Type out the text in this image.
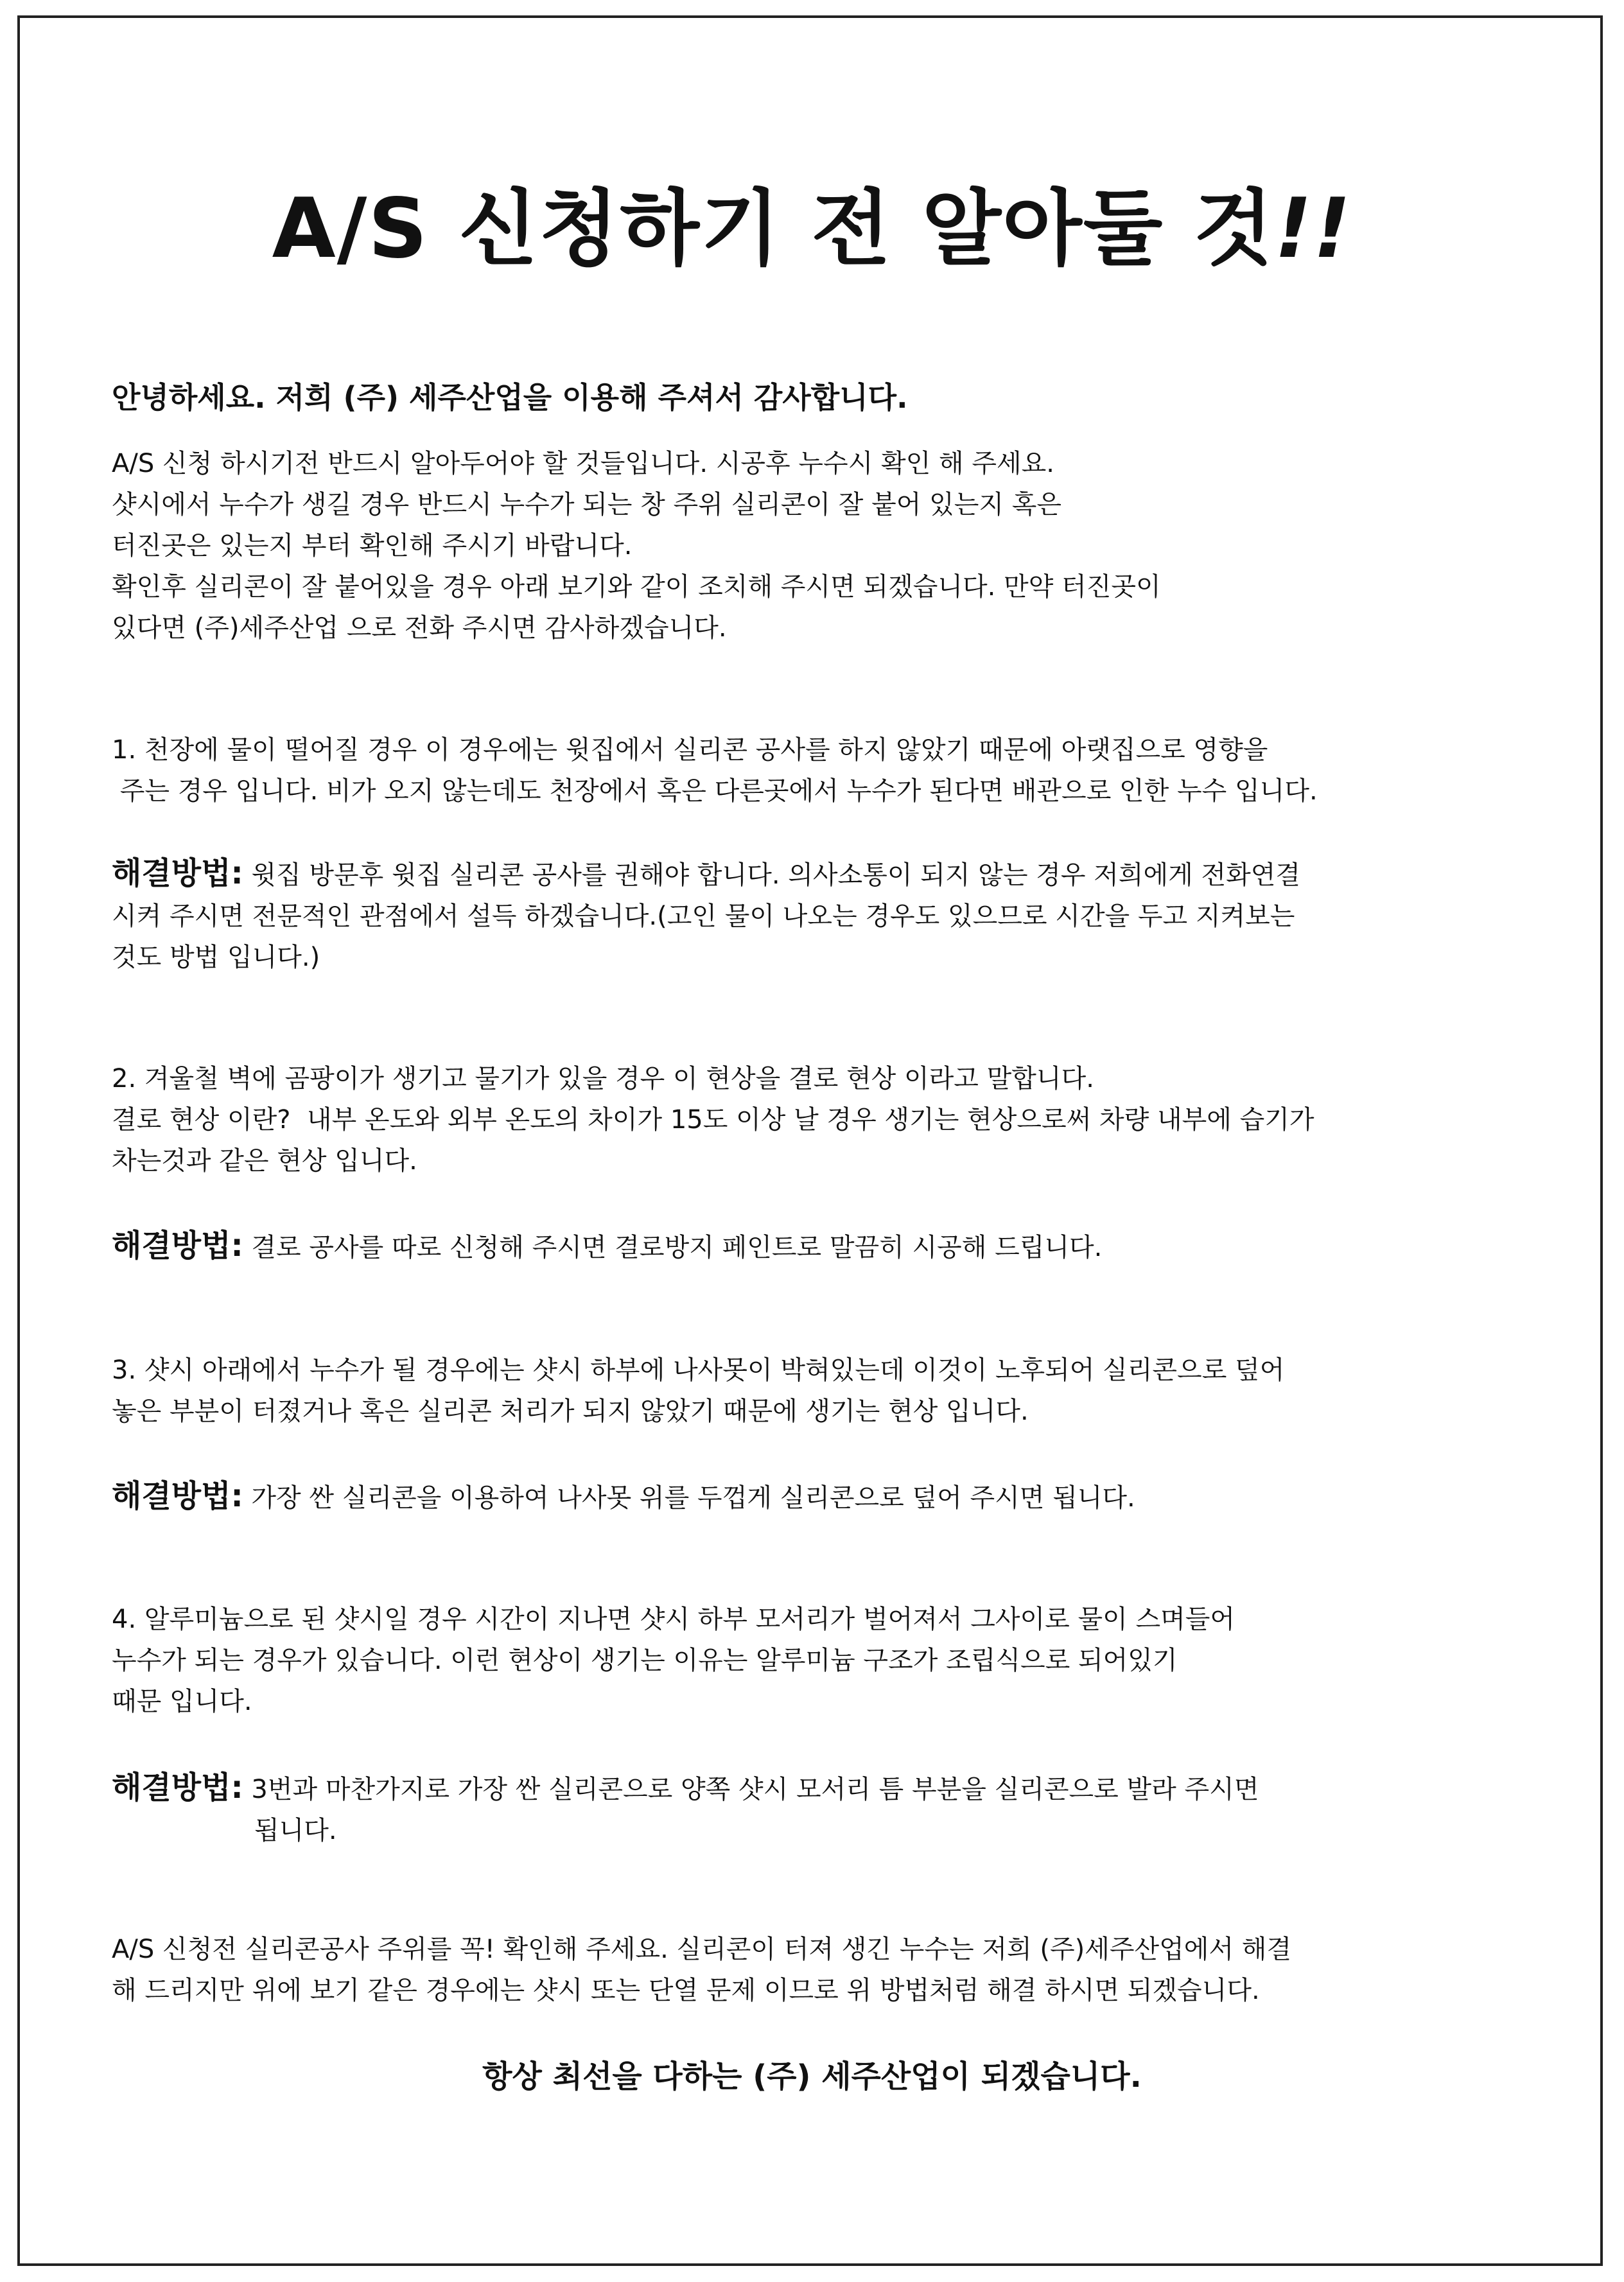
A/S 신청하기 전 알아둘 것!!
안녕하세요. 저희 (주) 세주산업을 이용해 주셔서 감사합니다.
A/S 신청 하시기전 반드시 알아두어야 할 것들입니다. 시공후 누수시 확인 해 주세요.
샷시에서 누수가 생길 경우 반드시 누수가 되는 창 주위 실리콘이 잘 붙어 있는지 혹은
터진곳은 있는지 부터 확인해 주시기 바랍니다.
확인후 실리콘이 잘 붙어있을 경우 아래 보기와 같이 조치해 주시면 되겠습니다. 만약 터진곳이
있다면 (주)세주산업 으로 전화 주시면 감사하겠습니다.
1. 천장에 물이 떨어질 경우 이 경우에는 윗집에서 실리콘 공사를 하지 않았기 때문에 아랫집으로 영향을
주는 경우 입니다. 비가 오지 않는데도 천장에서 혹은 다른곳에서 누수가 된다면 배관으로 인한 누수 입니다.
해결방법: 윗집 방문후 윗집 실리콘 공사를 권해야 합니다. 의사소통이 되지 않는 경우 저희에게 전화연결
시켜 주시면 전문적인 관점에서 설득 하겠습니다.(고인 물이 나오는 경우도 있으므로 시간을 두고 지켜보는
것도 방법 입니다.)
2. 겨울철 벽에 곰팡이가 생기고 물기가 있을 경우 이 현상을 결로 현상 이라고 말합니다.
결로 현상 이란?  내부 온도와 외부 온도의 차이가 15도 이상 날 경우 생기는 현상으로써 차량 내부에 습기가
차는것과 같은 현상 입니다.
해결방법: 결로 공사를 따로 신청해 주시면 결로방지 페인트로 말끔히 시공해 드립니다.
3. 샷시 아래에서 누수가 될 경우에는 샷시 하부에 나사못이 박혀있는데 이것이 노후되어 실리콘으로 덮어
놓은 부분이 터졌거나 혹은 실리콘 처리가 되지 않았기 때문에 생기는 현상 입니다.
해결방법: 가장 싼 실리콘을 이용하여 나사못 위를 두껍게 실리콘으로 덮어 주시면 됩니다.
4. 알루미늄으로 된 샷시일 경우 시간이 지나면 샷시 하부 모서리가 벌어져서 그사이로 물이 스며들어
누수가 되는 경우가 있습니다. 이런 현상이 생기는 이유는 알루미늄 구조가 조립식으로 되어있기
때문 입니다.
해결방법: 3번과 마찬가지로 가장 싼 실리콘으로 양쪽 샷시 모서리 틈 부분을 실리콘으로 발라 주시면
됩니다.
A/S 신청전 실리콘공사 주위를 꼭! 확인해 주세요. 실리콘이 터져 생긴 누수는 저희 (주)세주산업에서 해결
해 드리지만 위에 보기 같은 경우에는 샷시 또는 단열 문제 이므로 위 방법처럼 해결 하시면 되겠습니다.
항상 최선을 다하는 (주) 세주산업이 되겠습니다.
